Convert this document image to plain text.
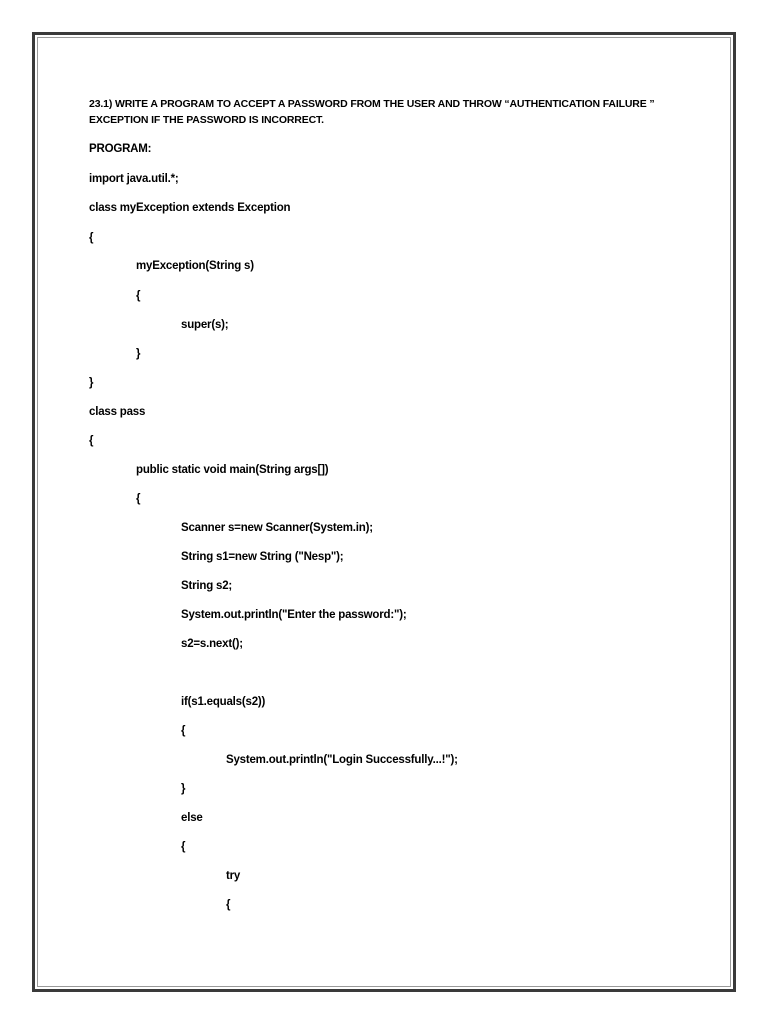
23.1) WRITE A PROGRAM TO ACCEPT A PASSWORD FROM THE USER AND THROW “AUTHENTICATION FAILURE ” EXCEPTION IF THE PASSWORD IS INCORRECT.

PROGRAM:

import java.util.*;

class myException extends Exception

{

myException(String s)

{

super(s);

}

}

class pass

{

public static void main(String args[])

{

Scanner s=new Scanner(System.in);

String s1=new String ("Nesp");

String s2;

System.out.println("Enter the password:");

s2=s.next();

if(s1.equals(s2))

{

System.out.println("Login Successfully...!");

}

else

{

try

{
